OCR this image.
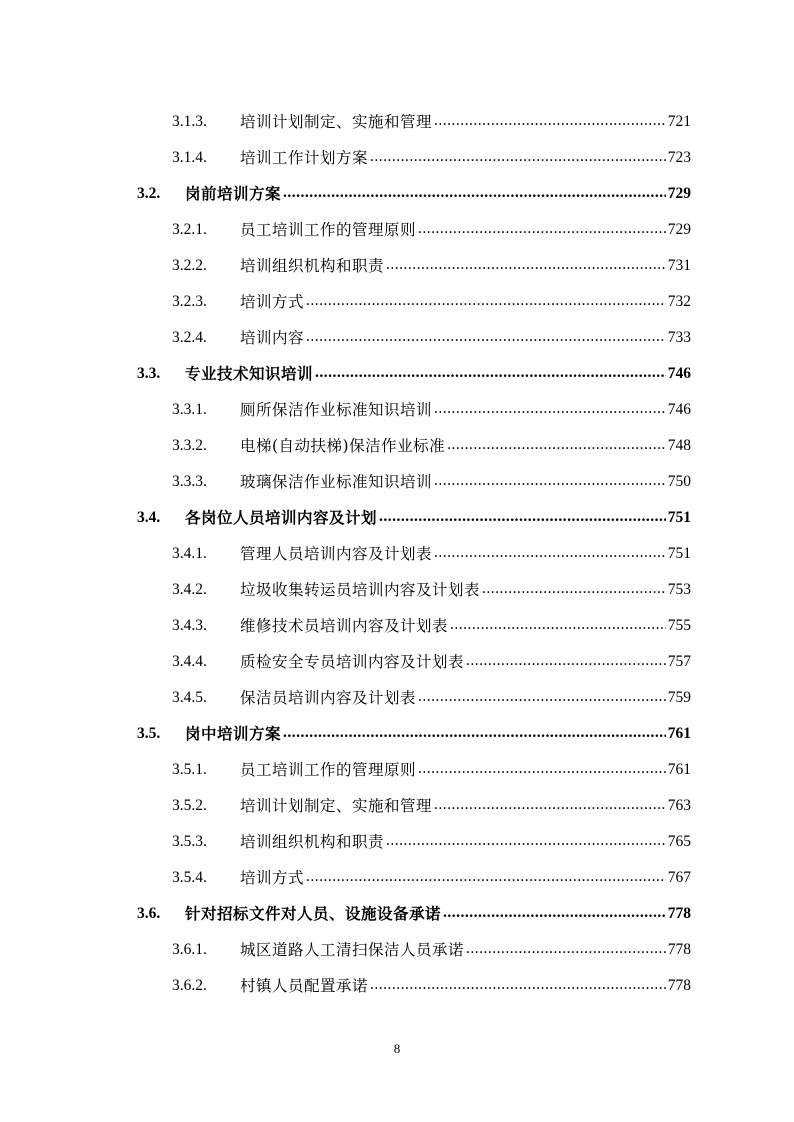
3.1.3.	培训计划制定、实施和管理 .....	721
3.1.4.	培训工作计划方案 .....	723
3.2.	岗前培训方案 .....	729
3.2.1.	员工培训工作的管理原则 .....	729
3.2.2.	培训组织机构和职责 .....	731
3.2.3.	培训方式 .....	732
3.2.4.	培训内容 .....	733
3.3.	专业技术知识培训 .....	746
3.3.1.	厕所保洁作业标准知识培训 .....	746
3.3.2.	电梯(自动扶梯)保洁作业标准 .....	748
3.3.3.	玻璃保洁作业标准知识培训 .....	750
3.4.	各岗位人员培训内容及计划 .....	751
3.4.1.	管理人员培训内容及计划表 .....	751
3.4.2.	垃圾收集转运员培训内容及计划表 .....	753
3.4.3.	维修技术员培训内容及计划表 .....	755
3.4.4.	质检安全专员培训内容及计划表 .....	757
3.4.5.	保洁员培训内容及计划表 .....	759
3.5.	岗中培训方案 .....	761
3.5.1.	员工培训工作的管理原则 .....	761
3.5.2.	培训计划制定、实施和管理 .....	763
3.5.3.	培训组织机构和职责 .....	765
3.5.4.	培训方式 .....	767
3.6.	针对招标文件对人员、设施设备承诺 .....	778
3.6.1.	城区道路人工清扫保洁人员承诺 .....	778
3.6.2.	村镇人员配置承诺 .....	778
8
